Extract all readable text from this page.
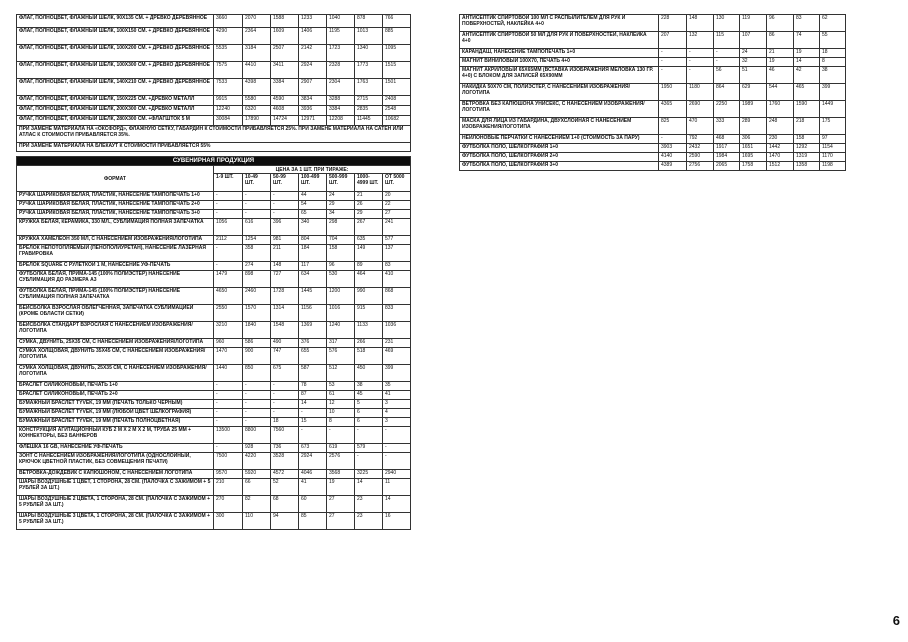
ФЛАГ, ПОЛНОЦВЕТ, ФЛАЖНЫЙ ШЕЛК, 90Х135 СМ. + ДРЕВКО ДЕРЕВЯННОЕ	3660	2070	1588	1233	1040	878	766
ФЛАГ, ПОЛНОЦВЕТ, ФЛАЖНЫЙ ШЕЛК, 100Х150 СМ. + ДРЕВКО ДЕРЕВЯННОЕ	4290	2364	1609	1406	1195	1013	885
ФЛАГ, ПОЛНОЦВЕТ, ФЛАЖНЫЙ ШЕЛК, 100Х200 СМ. + ДРЕВКО ДЕРЕВЯННОЕ	5535	3184	2507	2142	1723	1340	1095
ФЛАГ, ПОЛНОЦВЕТ, ФЛАЖНЫЙ ШЕЛК, 100Х300 СМ. + ДРЕВКО ДЕРЕВЯННОЕ	7575	4410	3411	2924	2328	1773	1515
ФЛАГ, ПОЛНОЦВЕТ, ФЛАЖНЫЙ ШЕЛК, 140Х210 СМ. + ДРЕВКО ДЕРЕВЯННОЕ	7533	4398	3384	2907	2304	1763	1501
ФЛАГ, ПОЛНОЦВЕТ, ФЛАЖНЫЙ ШЕЛК, 150Х225 СМ. +ДРЕВКО МЕТАЛЛ	9915	5580	4590	3834	3288	2715	2408
ФЛАГ, ПОЛНОЦВЕТ, ФЛАЖНЫЙ ШЕЛК, 200Х300 СМ. +ДРЕВКО МЕТАЛЛ	12240	6320	4608	3936	3384	2835	2548
ФЛАГ, ПОЛНОЦВЕТ, ФЛАЖНЫЙ ШЕЛК, 280Х300 СМ. +ФЛАГШТОК 5 М	30084	17890	14724	12971	12208	11445	10682
ПРИ ЗАМЕНЕ МАТЕРИАЛА НА «ОКСФОРД», ФЛАЖНУЮ СЕТКУ, ГАБАРДИН К СТОИМОСТИ ПРИБАВЛЯЕТСЯ 25%. ПРИ ЗАМЕНЕ МАТЕРИАЛА НА САТЕН ИЛИ АТЛАС К СТОИМОСТИ ПРИБАВЛЯЕТСЯ 35%.							
ПРИ ЗАМЕНЕ МАТЕРИАЛА НА БЛЕКАУТ К СТОИМОСТИ ПРИБАВЛЯЕТСЯ 55%							

СУВЕНИРНАЯ ПРОДУКЦИЯ							
ФОРМАТ	ЦЕНА ЗА 1 ШТ. ПРИ ТИРАЖЕ:						
	1-9 ШТ.	10-49 ШТ.	50-99 ШТ.	100-499 ШТ.	500-999 ШТ.	1000-4999 ШТ.	ОТ 5000 ШТ.
РУЧКА ШАРИКОВАЯ БЕЛАЯ, ПЛАСТИК, НАНЕСЕНИЕ ТАМПОПЕЧАТЬ 1+0	-	-	-	44	24	21	20
РУЧКА ШАРИКОВАЯ БЕЛАЯ, ПЛАСТИК, НАНЕСЕНИЕ ТАМПОПЕЧАТЬ 2+0	-	-	-	54	29	26	22
РУЧКА ШАРИКОВАЯ БЕЛАЯ, ПЛАСТИК, НАНЕСЕНИЕ ТАМПОПЕЧАТЬ 3+0	-	-	-	65	34	29	27
КРУЖКА БЕЛАЯ, КЕРАМИКА, 330 МЛ., СУБЛИМАЦИЯ ПОЛНАЯ ЗАПЕЧАТКА	1056	616	396	340	298	267	241
КРУЖКА ХАМЕЛЕОН 350 МЛ, С НАНЕСЕНИЕМ ИЗОБРАЖЕНИЯ/ЛОГОТИПА	2112	1254	981	804	704	635	577
БРЕЛОК НЕПОТОПЛЯЕМЫЙ (ПЕНОПОЛИУРЕТАН), НАНЕСЕНИЕ ЛАЗЕРНАЯ ГРАВИРОВКА	-	358	211	184	158	149	137
БРЕЛОК SQUARE С РУЛЕТКОЙ 1 М, НАНЕСЕНИЕ УФ-ПЕЧАТЬ	-	274	148	117	96	89	83
ФУТБОЛКА БЕЛАЯ, ПРИМА-145 (100% ПОЛИЭСТЕР) НАНЕСЕНИЕ СУБЛИМАЦИЯ ДО РАЗМЕРА А3	1479	898	727	634	530	464	410
ФУТБОЛКА БЕЛАЯ, ПРИМА-145 (100% ПОЛИЭСТЕР) НАНЕСЕНИЕ СУБЛИМАЦИЯ ПОЛНАЯ ЗАПЕЧАТКА	4650	2460	1728	1445	1200	990	868
БЕЙСБОЛКА ВЗРОСЛАЯ ОБЛЕГЧЕННАЯ, ЗАПЕЧАТКА СУБЛИМАЦИЕЙ (КРОМЕ ОБЛАСТИ СЕТКИ)	2550	1570	1314	1156	1016	915	833
БЕЙСБОЛКА СТАНДАРТ ВЗРОСЛАЯ С НАНЕСЕНИЕМ ИЗОБРАЖЕНИЯ/ЛОГОТИПА	3210	1840	1548	1369	1240	1133	1036
СУМКА, ДВУНИТЬ, 25Х35 СМ, С НАНЕСЕНИЕМ ИЗОБРАЖЕНИЯ/ЛОГОТИПА	960	586	490	376	317	266	231
СУМКА ХОЛЩОВАЯ, ДВУНИТЬ 35Х45 СМ, С НАНЕСЕНИЕМ ИЗОБРАЖЕНИЯ/ЛОГОТИПА	1470	900	747	655	576	518	469
СУМКА ХОЛЩОВАЯ, ДВУНИТЬ, 25Х35 СМ, С НАНЕСЕНИЕМ ИЗОБРАЖЕНИЯ/ЛОГОТИПА	1440	850	675	587	512	450	399
БРАСЛЕТ СИЛИКОНОВЫЙ, ПЕЧАТЬ 1+0	-	-	-	78	53	38	35
БРАСЛЕТ СИЛИКОНОВЫЙ, ПЕЧАТЬ 2+0	-	-	-	87	61	45	41
БУМАЖНЫЙ БРАСЛЕТ TYVEK, 19 ММ (ПЕЧАТЬ ТОЛЬКО ЧЕРНЫМ)	-	-	-	14	12	5	3
БУМАЖНЫЙ БРАСЛЕТ TYVEK, 19 ММ (ЛЮБОЙ ЦВЕТ ШЕЛКОГРАФИЯ)	-	-	-	-	10	6	4
БУМАЖНЫЙ БРАСЛЕТ TYVEK, 19 ММ (ПЕЧАТЬ ПОЛНОЦВЕТНАЯ)	-	-	18	15	8	6	3
КОНСТРУКЦИЯ АГИТАЦИОННЫЙ КУБ 2 М Х 2 М Х 2 М, ТРУБА 25 ММ + КОННЕКТОРЫ, БЕЗ БАННЕРОВ	13500	8800	7560	-	-	-	-
ФЛЕШКА 16 GB, НАНЕСЕНИЕ УФ-ПЕЧАТЬ	-	928	736	673	619	579	-
ЗОНТ С НАНЕСЕНИЕМ ИЗОБРАЖЕНИЯ/ЛОГОТИПА (ОДНОСЛОЙНЫЙ, КРЮЧОК ЦВЕТНОЙ ПЛАСТИК, БЕЗ СОВМЕЩЕНИЯ ПЕЧАТИ)	7500	4220	3528	2924	2576	-	-
ВЕТРОВКА-ДОЖДЕВИК С КАПЮШОНОМ, С НАНЕСЕНИЕМ ЛОГОТИПА	9570	5920	4572	4046	3568	3225	2940
ШАРЫ ВОЗДУШНЫЕ 1 ЦВЕТ, 1 СТОРОНА, 28 СМ. (ПАЛОЧКА С ЗАЖИМОМ + 5 РУБЛЕЙ ЗА ШТ.)	210	66	52	41	19	14	11
ШАРЫ ВОЗДУШНЫЕ 2 ЦВЕТА, 1 СТОРОНА, 28 СМ. (ПАЛОЧКА С ЗАЖИМОМ + 5 РУБЛЕЙ ЗА ШТ.)	270	82	68	60	27	23	14
ШАРЫ ВОЗДУШНЫЕ 3 ЦВЕТА, 1 СТОРОНА, 28 СМ. (ПАЛОЧКА С ЗАЖИМОМ + 5 РУБЛЕЙ ЗА ШТ.)	300	110	94	85	27	23	16
АНТИСЕПТИК СПИРТОВОЙ 100 МЛ С РАСПЫЛИТЕЛЕМ ДЛЯ РУК И ПОВЕРХНОСТЕЙ, НАКЛЕЙКА 4+0	228	148	130	119	96	83	62
АНТИСЕПТИК СПИРТОВОЙ 50 МЛ ДЛЯ РУК И ПОВЕРХНОСТЕЙ, НАКЛЕЙКА 4+0	207	132	115	107	86	74	55
КАРАНДАШ, НАНЕСЕНИЕ ТАМПОПЕЧАТЬ 1+0	-	-	-	24	21	19	18
МАГНИТ ВИНИЛОВЫЙ 100Х70, ПЕЧАТЬ 4+0	-	-	-	32	19	14	8
МАГНИТ АКРИЛОВЫЙ 65Х65ММ (ВСТАВКА ИЗОБРАЖЕНИЯ МЕЛОВКА 130 ГР. 4+0) С БЛОКОМ ДЛЯ ЗАПИСЕЙ 65Х90ММ	-	-	56	51	46	42	38
НАКИДКА 50Х70 СМ, ПОЛИЭСТЕР, С НАНЕСЕНИЕМ ИЗОБРАЖЕНИЯ/ ЛОГОТИПА	1950	1180	864	629	544	465	399
ВЕТРОВКА БЕЗ КАПЮШОНА УНИСЕКС, С НАНЕСЕНИЕМ ИЗОБРАЖЕНИЯ/ ЛОГОТИПА	4365	2690	2250	1989	1760	1590	1449
МАСКА ДЛЯ ЛИЦА ИЗ ГАБАРДИНА, ДВУХСЛОЙНАЯ С НАНЕСЕНИЕМ ИЗОБРАЖЕНИЯ/ЛОГОТИПА	825	470	333	289	248	218	175
НЕЙЛОНОВЫЕ ПЕРЧАТКИ С НАНЕСЕНИЕМ 1+0 (СТОИМОСТЬ ЗА ПАРУ)	-	792	468	306	230	158	97
ФУТБОЛКА ПОЛО, ШЕЛКОГРАФИЯ 1+0	3903	2432	1917	1651	1442	1292	1154
ФУТБОЛКА ПОЛО, ШЕЛКОГРАФИЯ 2+0	4140	2590	1984	1695	1470	1319	1170
ФУТБОЛКА ПОЛО, ШЕЛКОГРАФИЯ 3+0	4389	2756	2065	1758	1512	1358	1198
6
